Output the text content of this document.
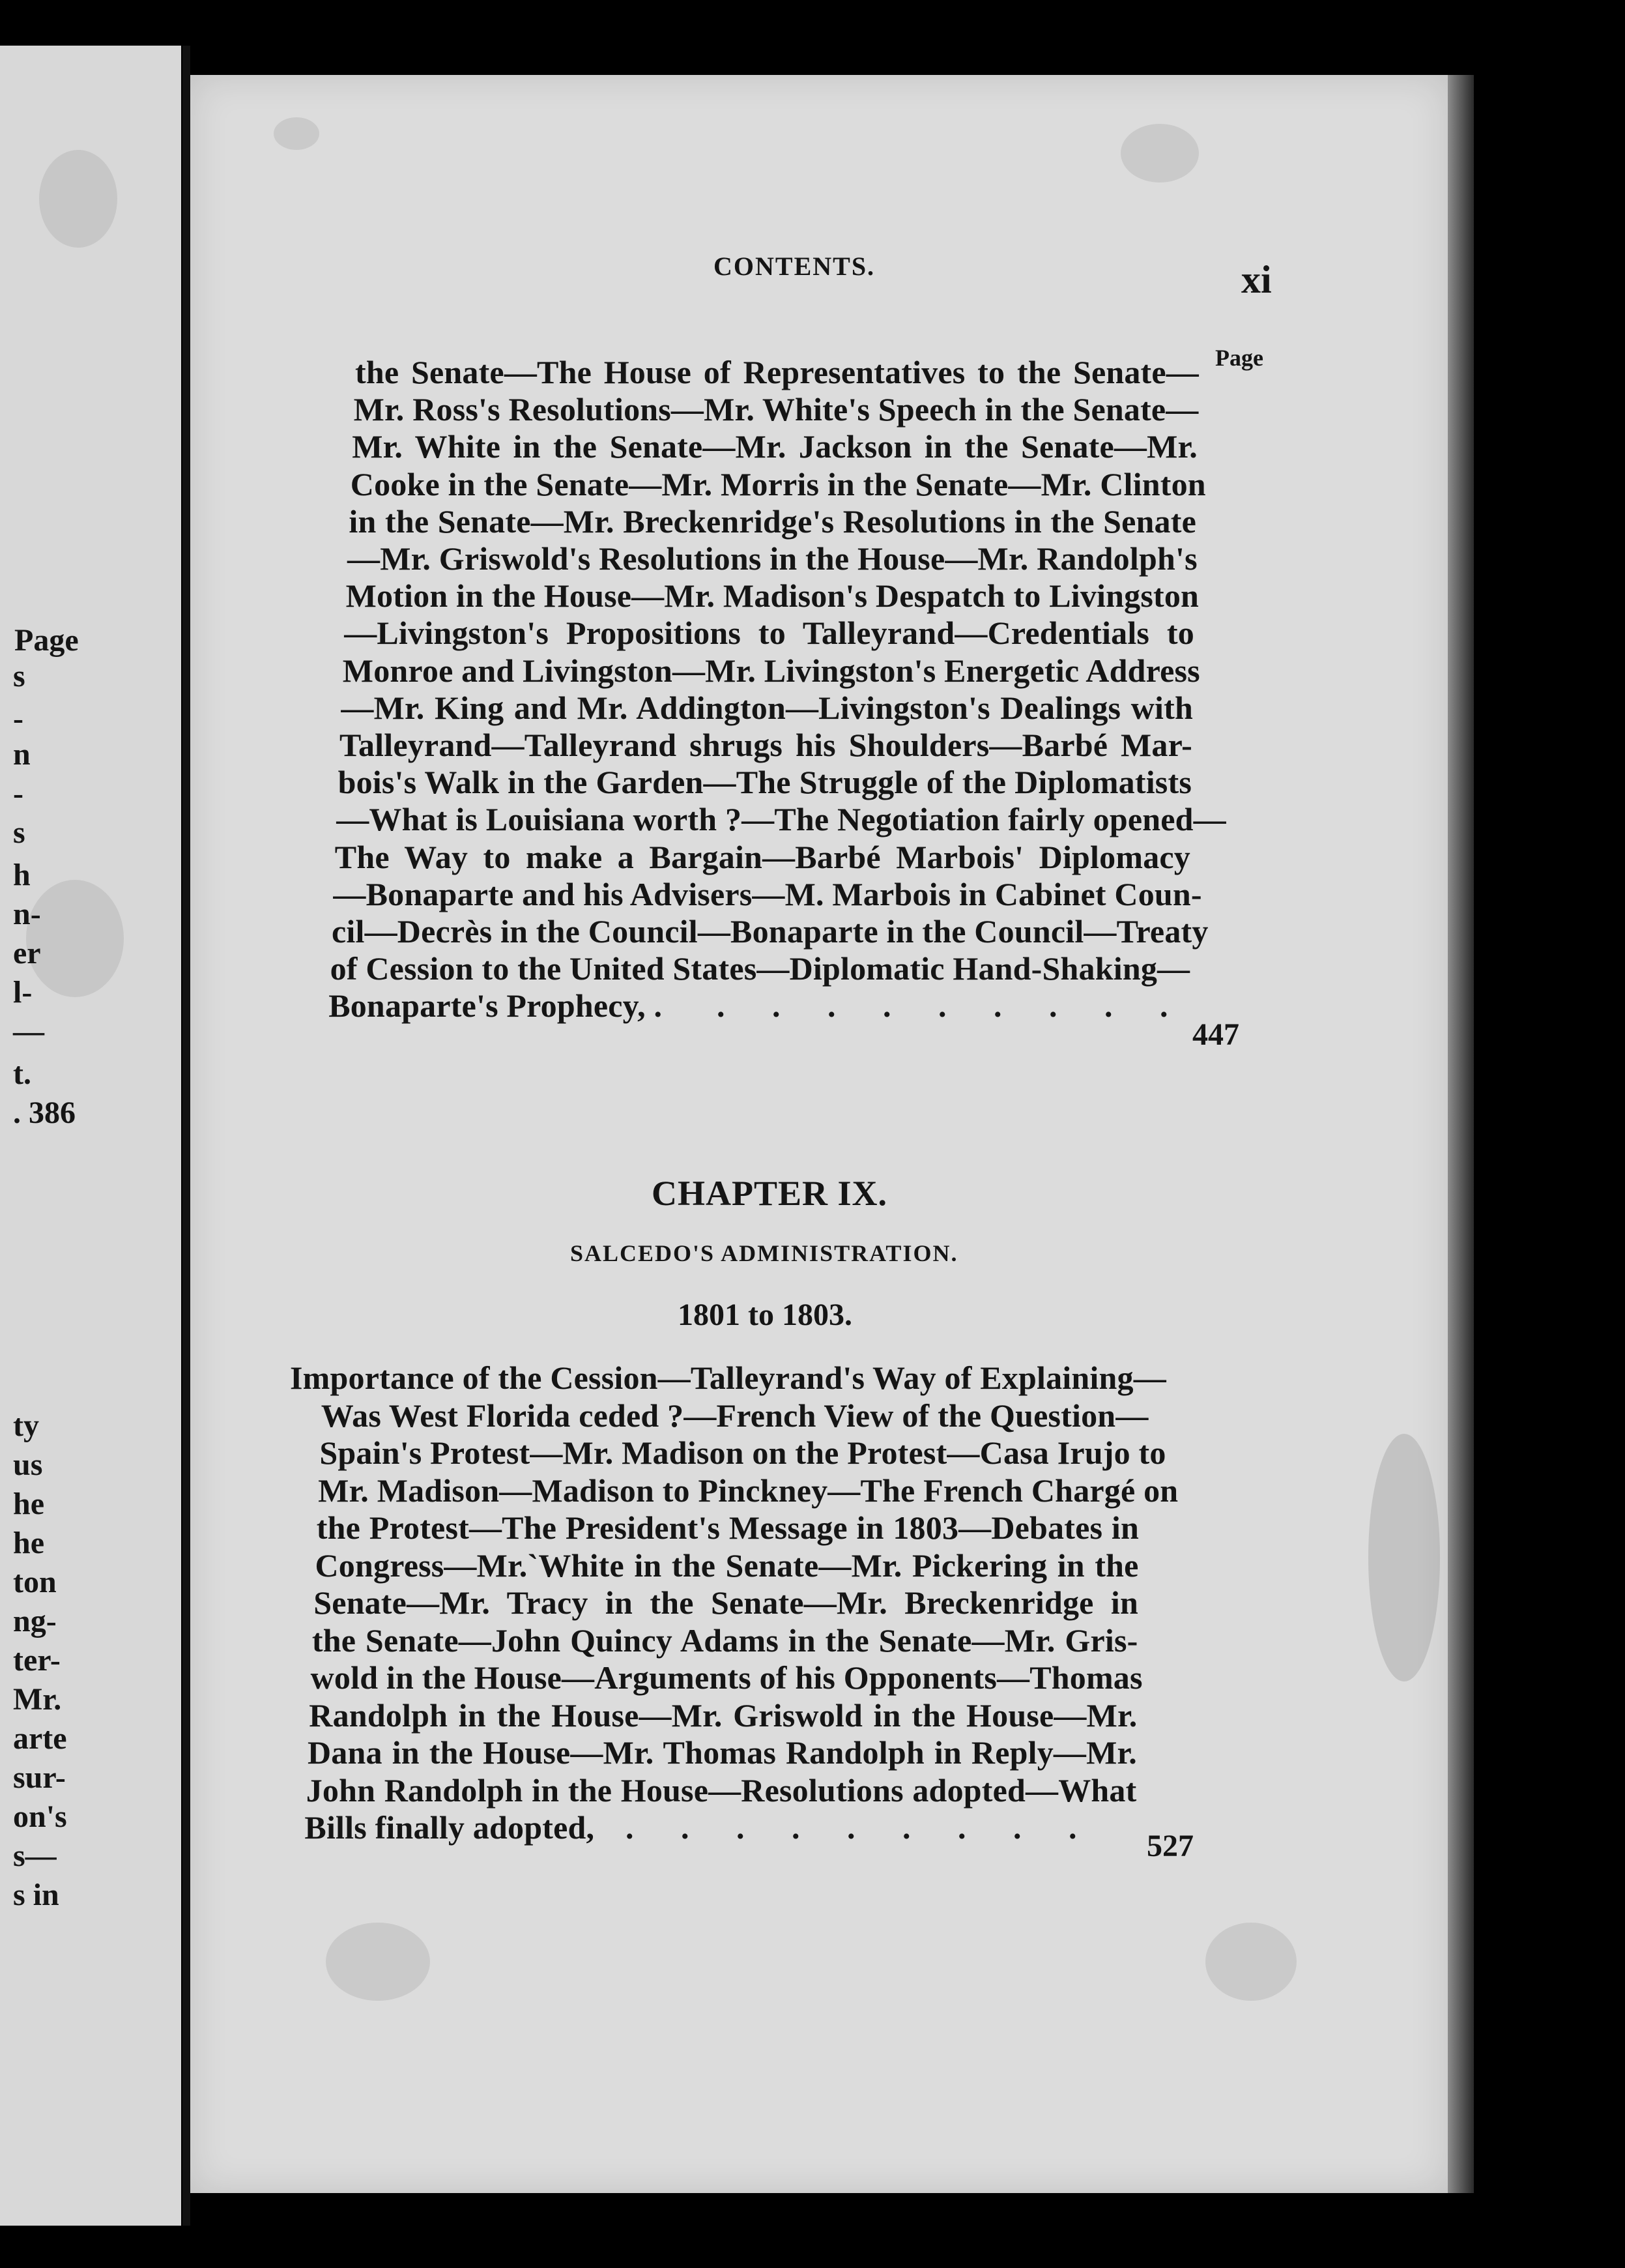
Pagе
s
-
n
-
s
h
n-
er
l-
—
t.
. 386
ty
us
he
he
ton
ng-
ter-
Mr.
arte
sur-
on's
s—
s in
CONTENTS.	xi
Page
the Senate—The House of Representatives to the Senate—
Mr. Ross's Resolutions—Mr. White's Speech in the Senate—
Mr. White in the Senate—Mr. Jackson in the Senate—Mr.
Cooke in the Senate—Mr. Morris in the Senate—Mr. Clinton
in the Senate—Mr. Breckenridge's Resolutions in the Senate
—Mr. Griswold's Resolutions in the House—Mr. Randolph's
Motion in the House—Mr. Madison's Despatch to Livingston
—Livingston's Propositions to Talleyrand—Credentials to
Monroe and Livingston—Mr. Livingston's Energetic Address
—Mr. King and Mr. Addington—Livingston's Dealings with
Talleyrand—Talleyrand shrugs his Shoulders—Barbé Mar-
bois's Walk in the Garden—The Struggle of the Diplomatists
—What is Louisiana worth ?—The Negotiation fairly opened—
The Way to make a Bargain—Barbé Marbois' Diplomacy
—Bonaparte and his Advisers—M. Marbois in Cabinet Coun-
cil—Decrès in the Council—Bonaparte in the Council—Treaty
of Cession to the United States—Diplomatic Hand-Shaking—
Bonaparte's Prophecy, . . . . . . . . . .
447
CHAPTER IX.
SALCEDO'S ADMINISTRATION.
1801 to 1803.
Importance of the Cession—Talleyrand's Way of Explaining—
Was West Florida ceded ?—French View of the Question—
Spain's Protest—Mr. Madison on the Protest—Casa Irujo to
Mr. Madison—Madison to Pinckney—The French Chargé on
the Protest—The President's Message in 1803—Debates in
Congress—Mr.`White in the Senate—Mr. Pickering in the
Senate—Mr. Tracy in the Senate—Mr. Breckenridge in
the Senate—John Quincy Adams in the Senate—Mr. Gris-
wold in the House—Arguments of his Opponents—Thomas
Randolph in the House—Mr. Griswold in the House—Mr.
Dana in the House—Mr. Thomas Randolph in Reply—Mr.
John Randolph in the House—Resolutions adopted—What
Bills finally adopted, . . . . . . . . .
527
